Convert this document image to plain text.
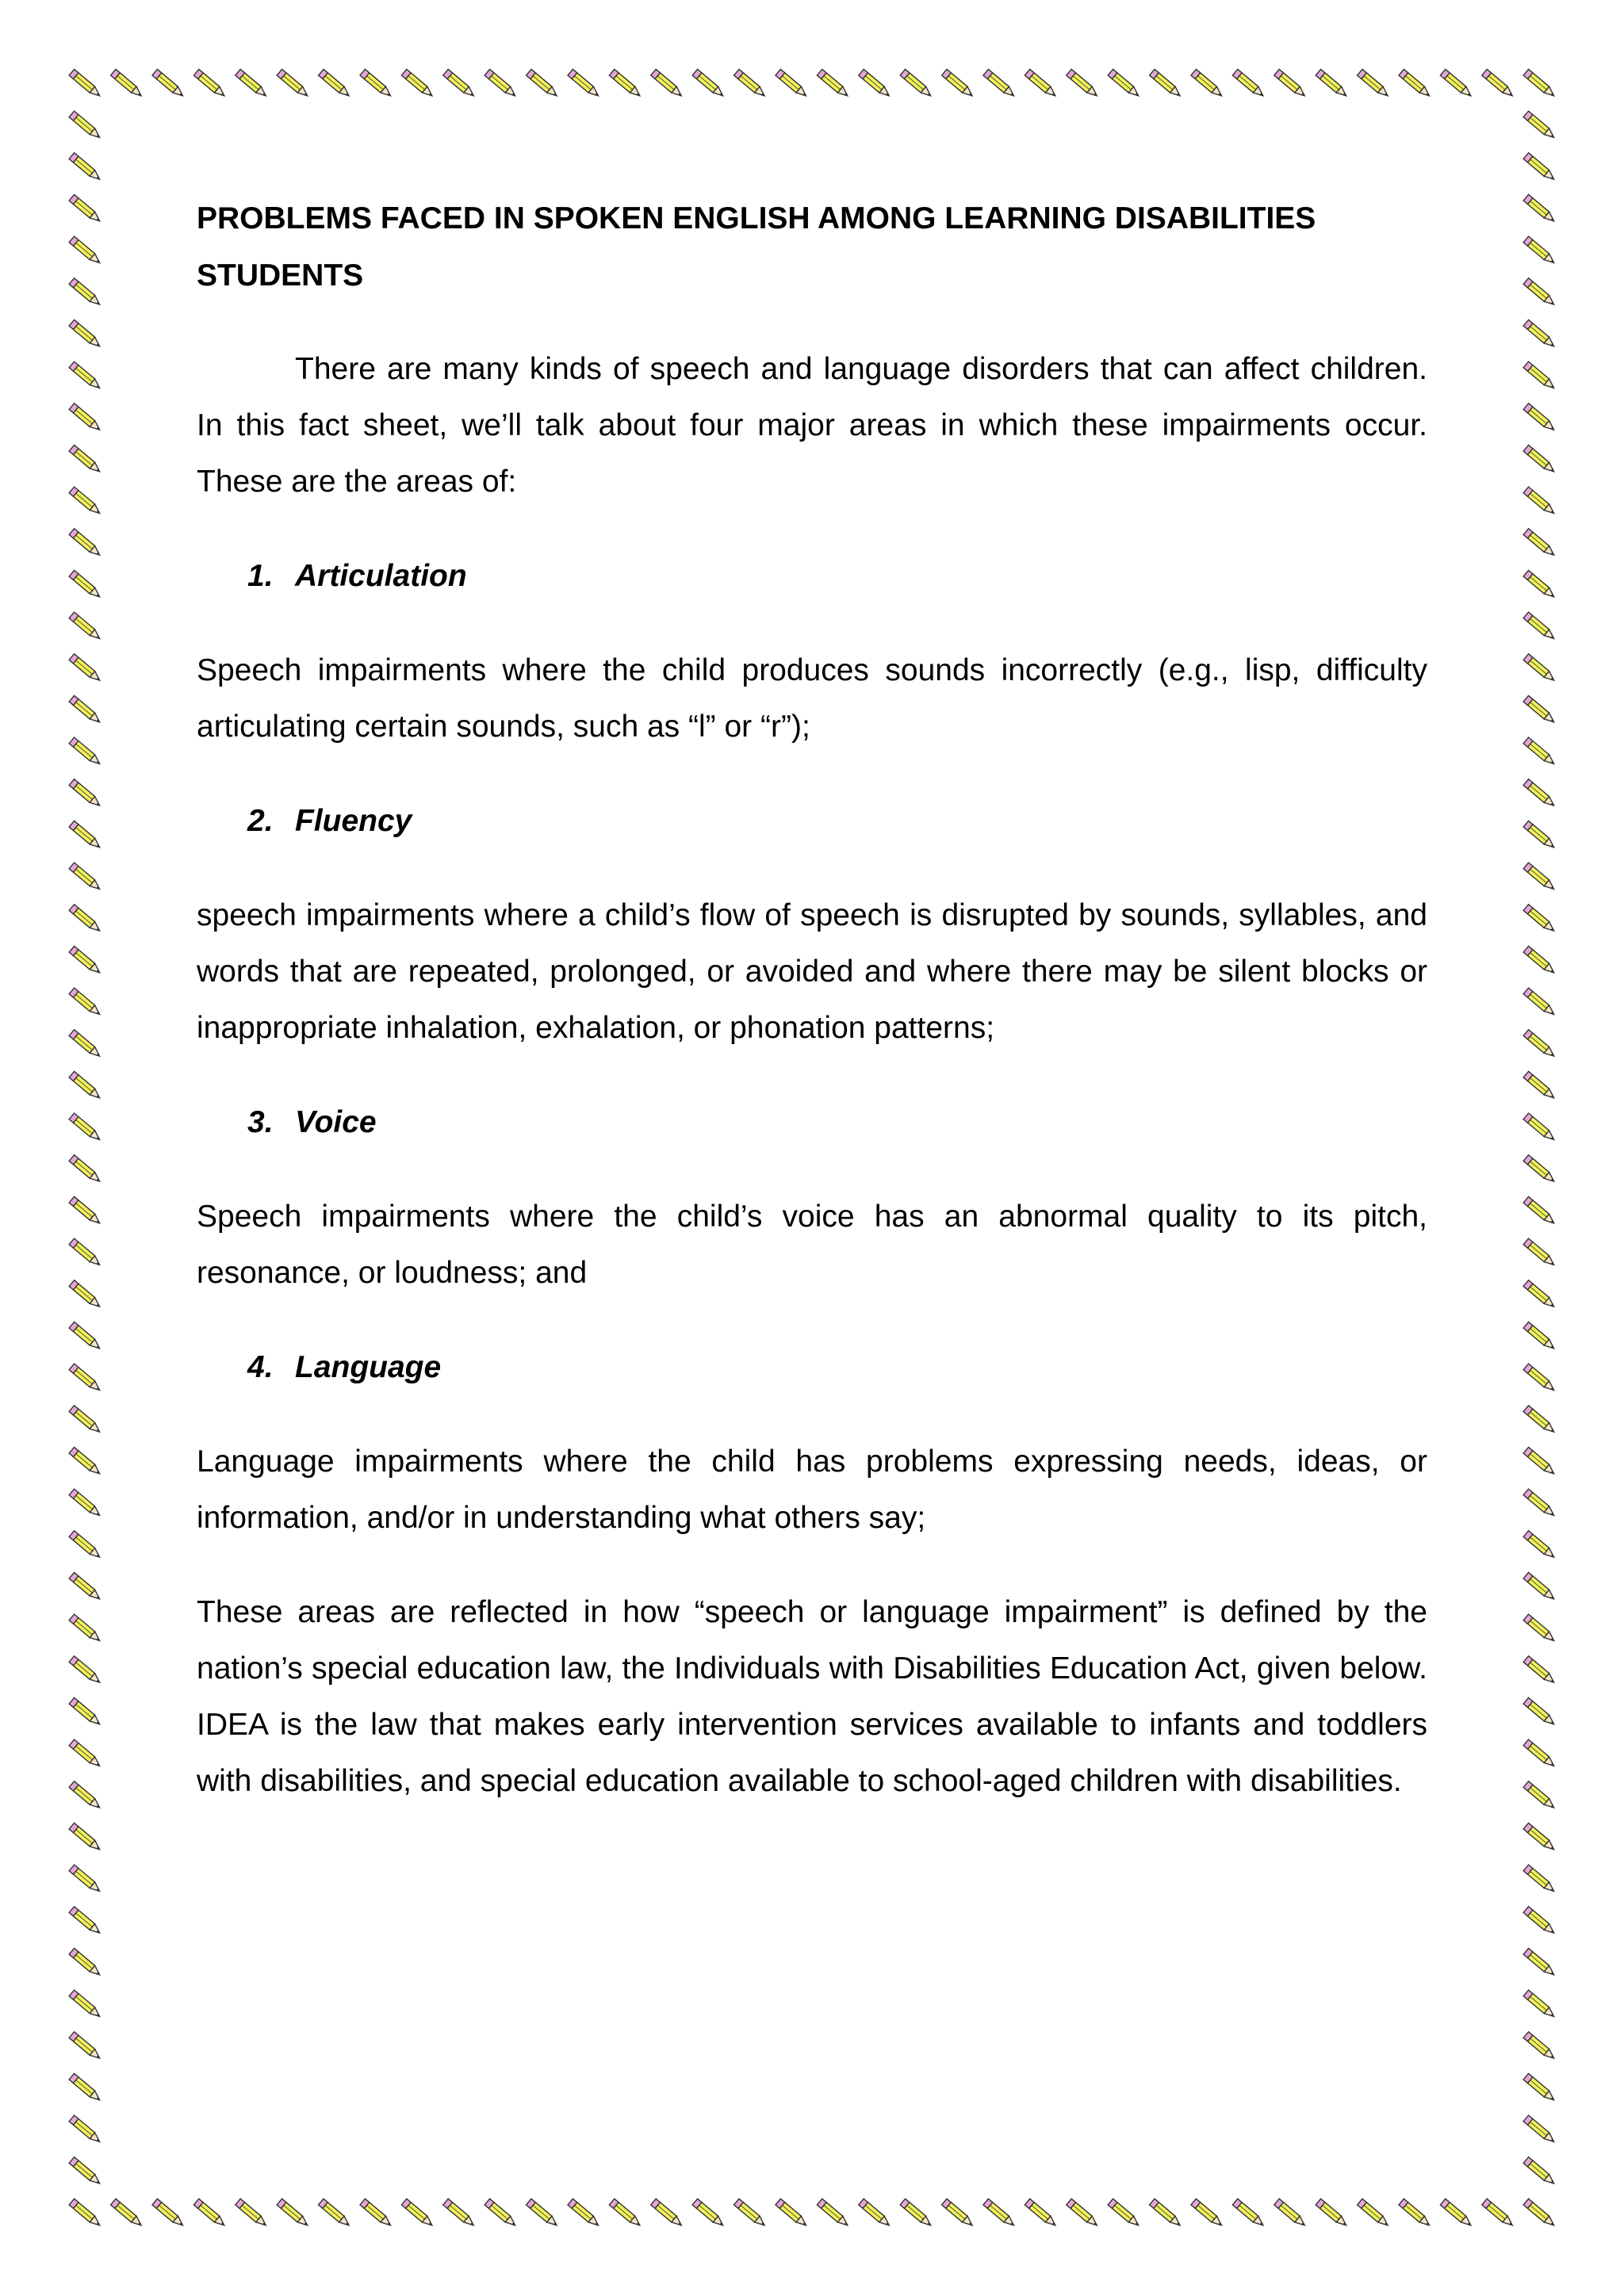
PROBLEMS FACED IN SPOKEN ENGLISH AMONG LEARNING DISABILITIES STUDENTS

There are many kinds of speech and language disorders that can affect children. In this fact sheet, we’ll talk about four major areas in which these impairments occur. These are the areas of:

1. Articulation

Speech impairments where the child produces sounds incorrectly (e.g., lisp, difficulty articulating certain sounds, such as “l” or “r”);

2. Fluency

speech impairments where a child’s flow of speech is disrupted by sounds, syllables, and words that are repeated, prolonged, or avoided and where there may be silent blocks or inappropriate inhalation, exhalation, or phonation patterns;

3. Voice

Speech impairments where the child’s voice has an abnormal quality to its pitch, resonance, or loudness; and

4. Language

Language impairments where the child has problems expressing needs, ideas, or information, and/or in understanding what others say;

These areas are reflected in how “speech or language impairment” is defined by the nation’s special education law, the Individuals with Disabilities Education Act, given below. IDEA is the law that makes early intervention services available to infants and toddlers with disabilities, and special education available to school-aged children with disabilities.
